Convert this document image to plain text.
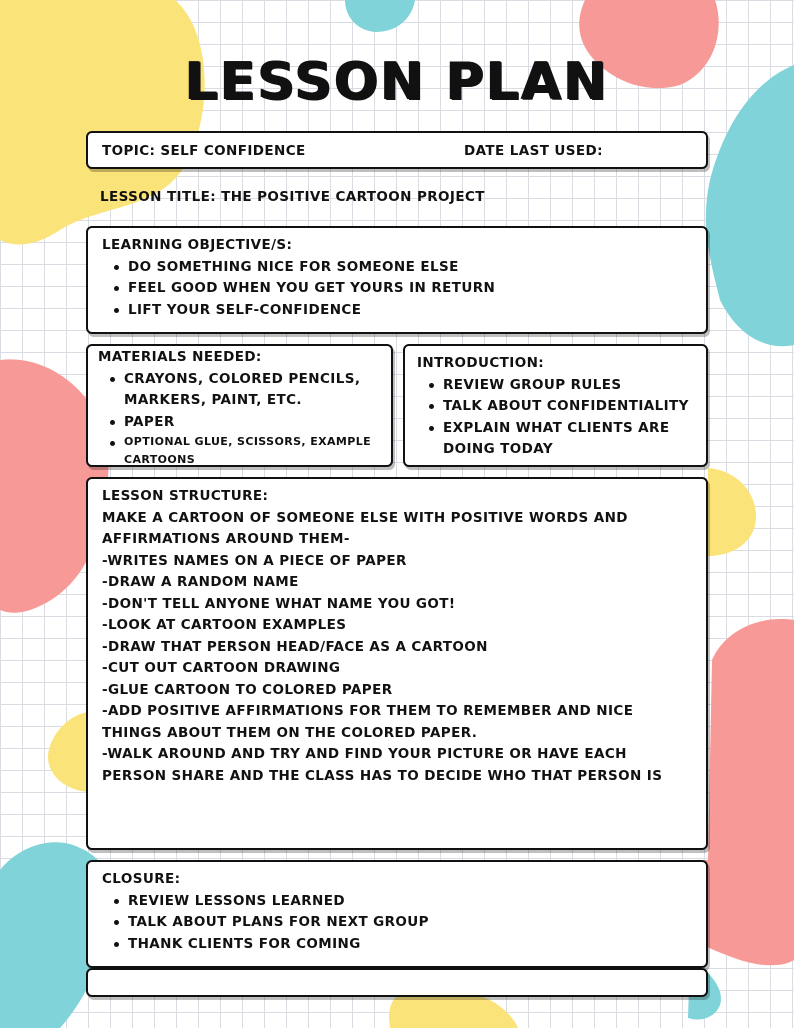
LESSON PLAN
TOPIC: SELF CONFIDENCE	DATE LAST USED:
LESSON TITLE: THE POSITIVE CARTOON PROJECT
LEARNING OBJECTIVE/S:
DO SOMETHING NICE FOR SOMEONE ELSE
FEEL GOOD WHEN YOU GET YOURS IN RETURN
LIFT YOUR SELF-CONFIDENCE
MATERIALS NEEDED:
CRAYONS, COLORED PENCILS, MARKERS, PAINT, ETC.
PAPER
OPTIONAL GLUE, SCISSORS, EXAMPLE CARTOONS
INTRODUCTION:
REVIEW GROUP RULES
TALK ABOUT CONFIDENTIALITY
EXPLAIN WHAT CLIENTS ARE DOING TODAY
LESSON STRUCTURE:
MAKE A CARTOON OF SOMEONE ELSE WITH POSITIVE WORDS AND AFFIRMATIONS AROUND THEM-
-WRITES NAMES ON A PIECE OF PAPER
-DRAW A RANDOM NAME
-DON'T TELL ANYONE WHAT NAME YOU GOT!
-LOOK AT CARTOON EXAMPLES
-DRAW THAT PERSON HEAD/FACE AS A CARTOON
-CUT OUT CARTOON DRAWING
-GLUE CARTOON TO COLORED PAPER
-ADD POSITIVE AFFIRMATIONS FOR THEM TO REMEMBER AND NICE THINGS ABOUT THEM ON THE COLORED PAPER.
-WALK AROUND AND TRY AND FIND YOUR PICTURE OR HAVE EACH PERSON SHARE AND THE CLASS HAS TO DECIDE WHO THAT PERSON IS
CLOSURE:
REVIEW LESSONS LEARNED
TALK ABOUT PLANS FOR NEXT GROUP
THANK CLIENTS FOR COMING
